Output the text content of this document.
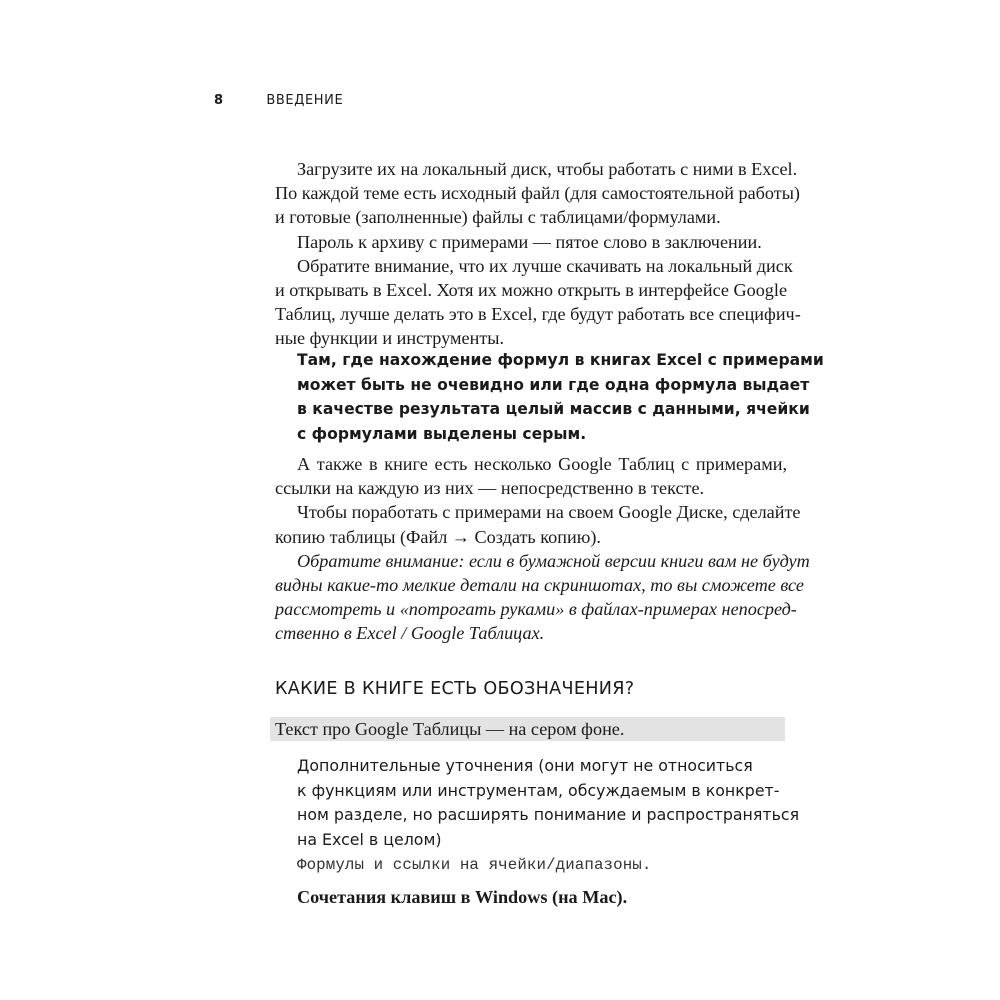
8	ВВЕДЕНИЕ
Загрузите их на локальный диск, чтобы работать с ними в Excel.
По каждой теме есть исходный файл (для самостоятельной работы)
и готовые (заполненные) файлы с таблицами/формулами.
Пароль к архиву с примерами — пятое слово в заключении.
Обратите внимание, что их лучше скачивать на локальный диск
и открывать в Excel. Хотя их можно открыть в интерфейсе Google
Таблиц, лучше делать это в Excel, где будут работать все специфич-
ные функции и инструменты.
Там, где нахождение формул в книгах Excel с примерами
может быть не очевидно или где одна формула выдает
в качестве результата целый массив с данными, ячейки
с формулами выделены серым.
А также в книге есть несколько Google Таблиц с примерами,
ссылки на каждую из них — непосредственно в тексте.
Чтобы поработать с примерами на своем Google Диске, сделайте
копию таблицы (Файл → Создать копию).
Обратите внимание: если в бумажной версии книги вам не будут
видны какие-то мелкие детали на скриншотах, то вы сможете все
рассмотреть и «потрогать руками» в файлах-примерах непосред-
ственно в Excel / Google Таблицах.
КАКИЕ В КНИГЕ ЕСТЬ ОБОЗНАЧЕНИЯ?
Текст про Google Таблицы — на сером фоне.
Дополнительные уточнения (они могут не относиться
к функциям или инструментам, обсуждаемым в конкрет-
ном разделе, но расширять понимание и распространяться
на Excel в целом)
Формулы и ссылки на ячейки/диапазоны.
Сочетания клавиш в Windows (на Mac).
